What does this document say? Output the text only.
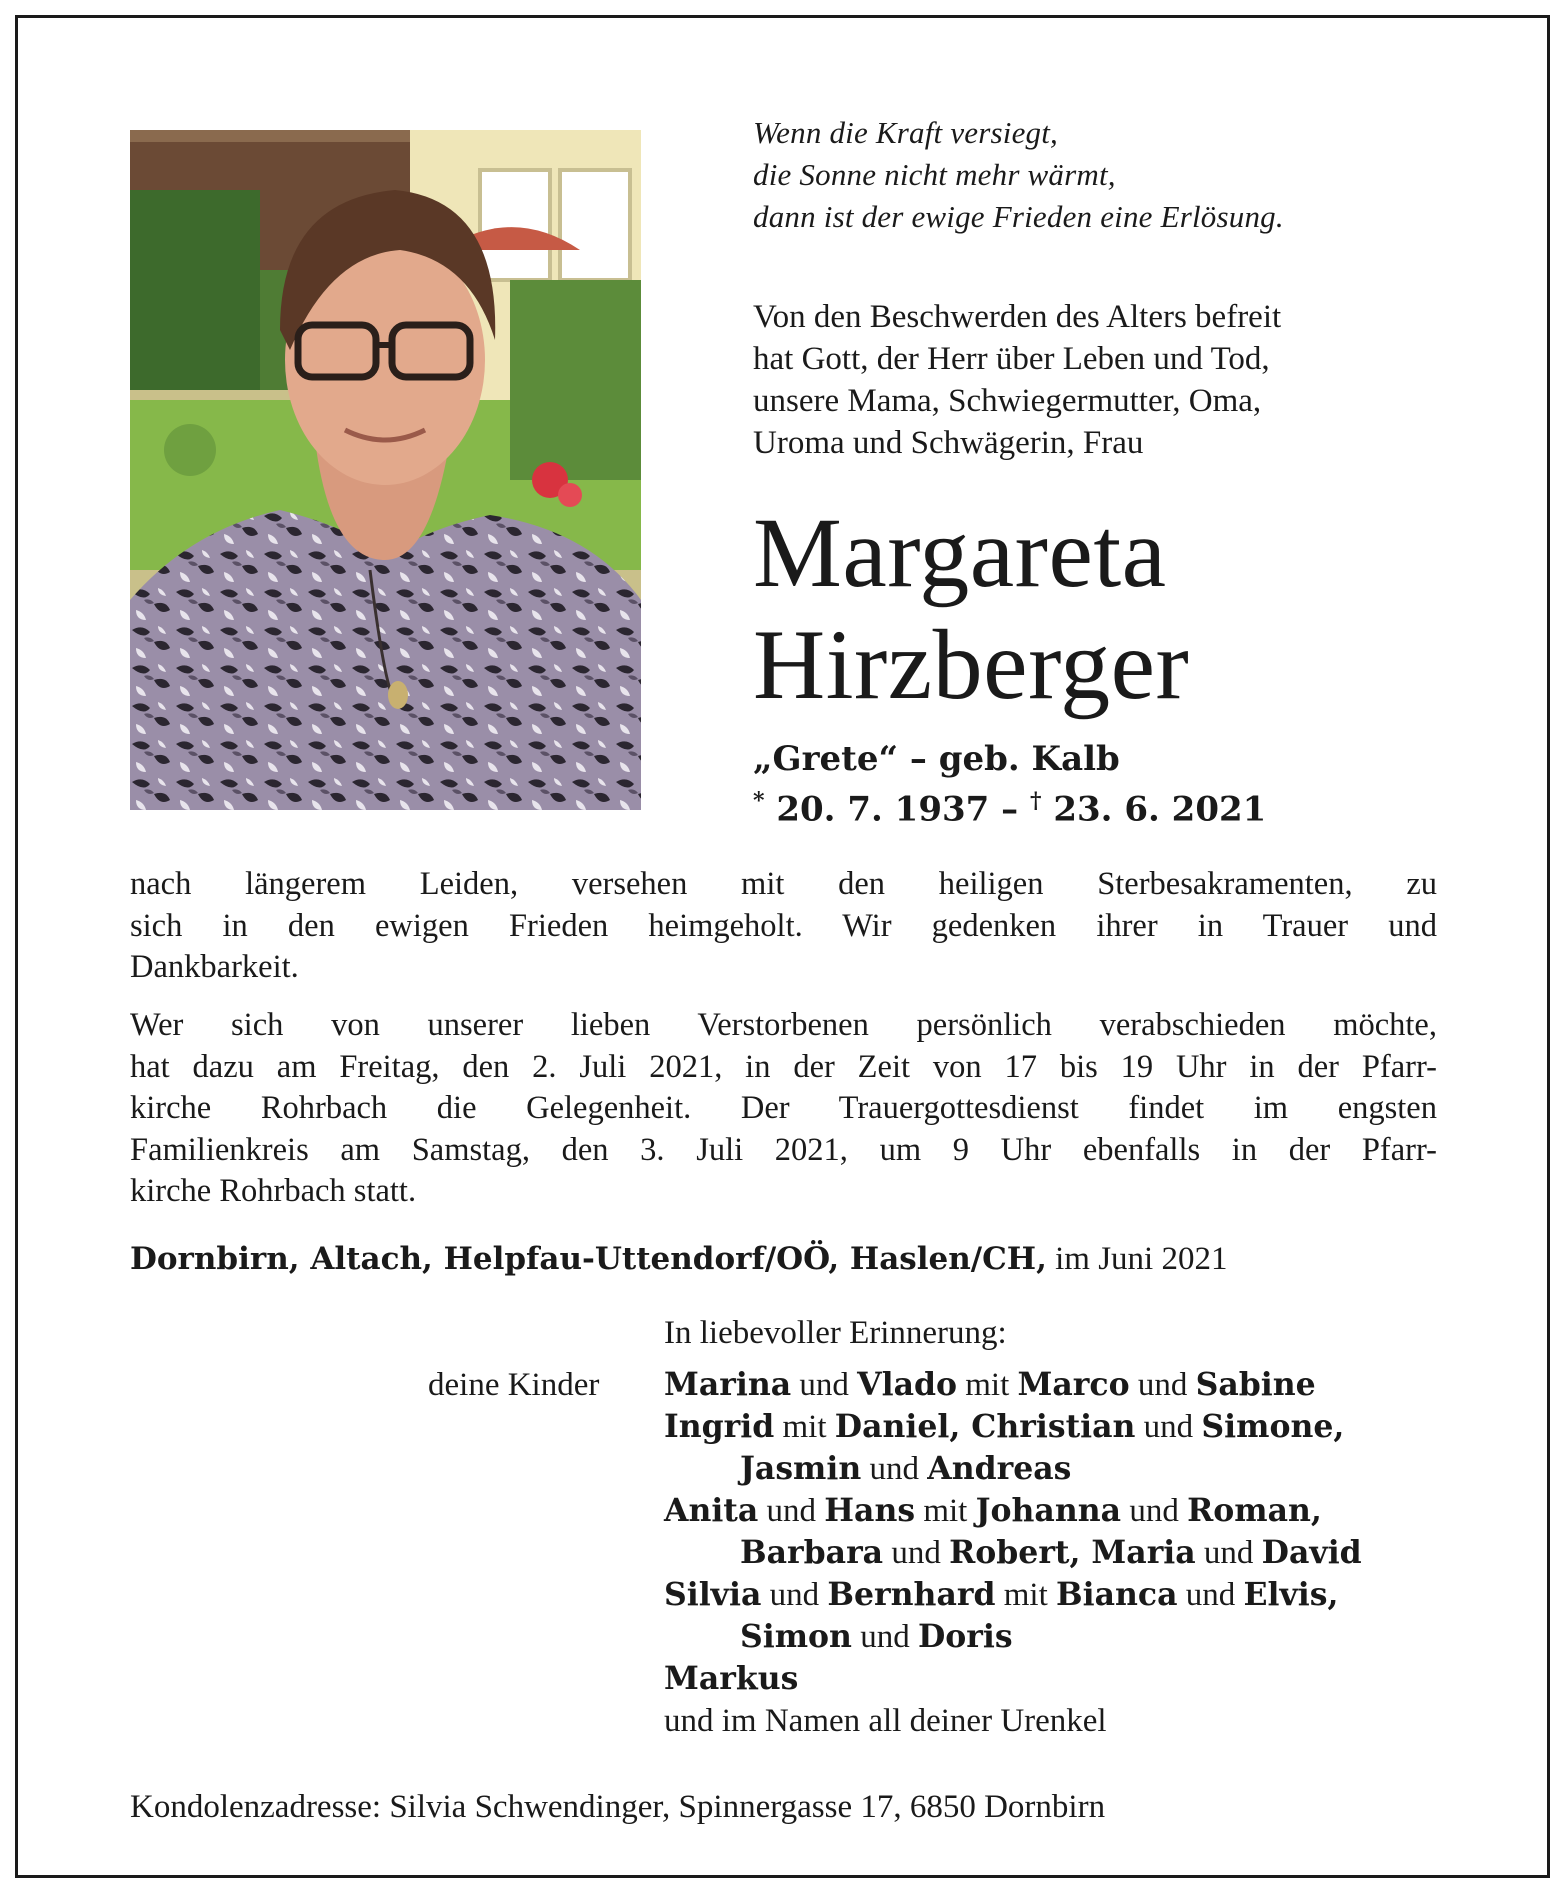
Wenn die Kraft versiegt,
die Sonne nicht mehr wärmt,
dann ist der ewige Frieden eine Erlösung.
Von den Beschwerden des Alters befreit
hat Gott, der Herr über Leben und Tod,
unsere Mama, Schwiegermutter, Oma,
Uroma und Schwägerin, Frau
Margareta
Hirzberger
„Grete“ – geb. Kalb
* 20. 7. 1937 – † 23. 6. 2021
nach längerem Leiden, versehen mit den heiligen Sterbesakramenten, zu
sich in den ewigen Frieden heimgeholt. Wir gedenken ihrer in Trauer und
Dankbarkeit.
Wer sich von unserer lieben Verstorbenen persönlich verabschieden möchte,
hat dazu am Freitag, den 2. Juli 2021, in der Zeit von 17 bis 19 Uhr in der Pfarr-
kirche Rohrbach die Gelegenheit. Der Trauergottesdienst findet im engsten
Familienkreis am Samstag, den 3. Juli 2021, um 9 Uhr ebenfalls in der Pfarr-
kirche Rohrbach statt.
Dornbirn, Altach, Helpfau-Uttendorf/OÖ, Haslen/CH, im Juni 2021
In liebevoller Erinnerung:
deine Kinder Marina und Vlado mit Marco und Sabine
Ingrid mit Daniel, Christian und Simone,
Jasmin und Andreas
Anita und Hans mit Johanna und Roman,
Barbara und Robert, Maria und David
Silvia und Bernhard mit Bianca und Elvis,
Simon und Doris
Markus
und im Namen all deiner Urenkel
Kondolenzadresse: Silvia Schwendinger, Spinnergasse 17, 6850 Dornbirn
